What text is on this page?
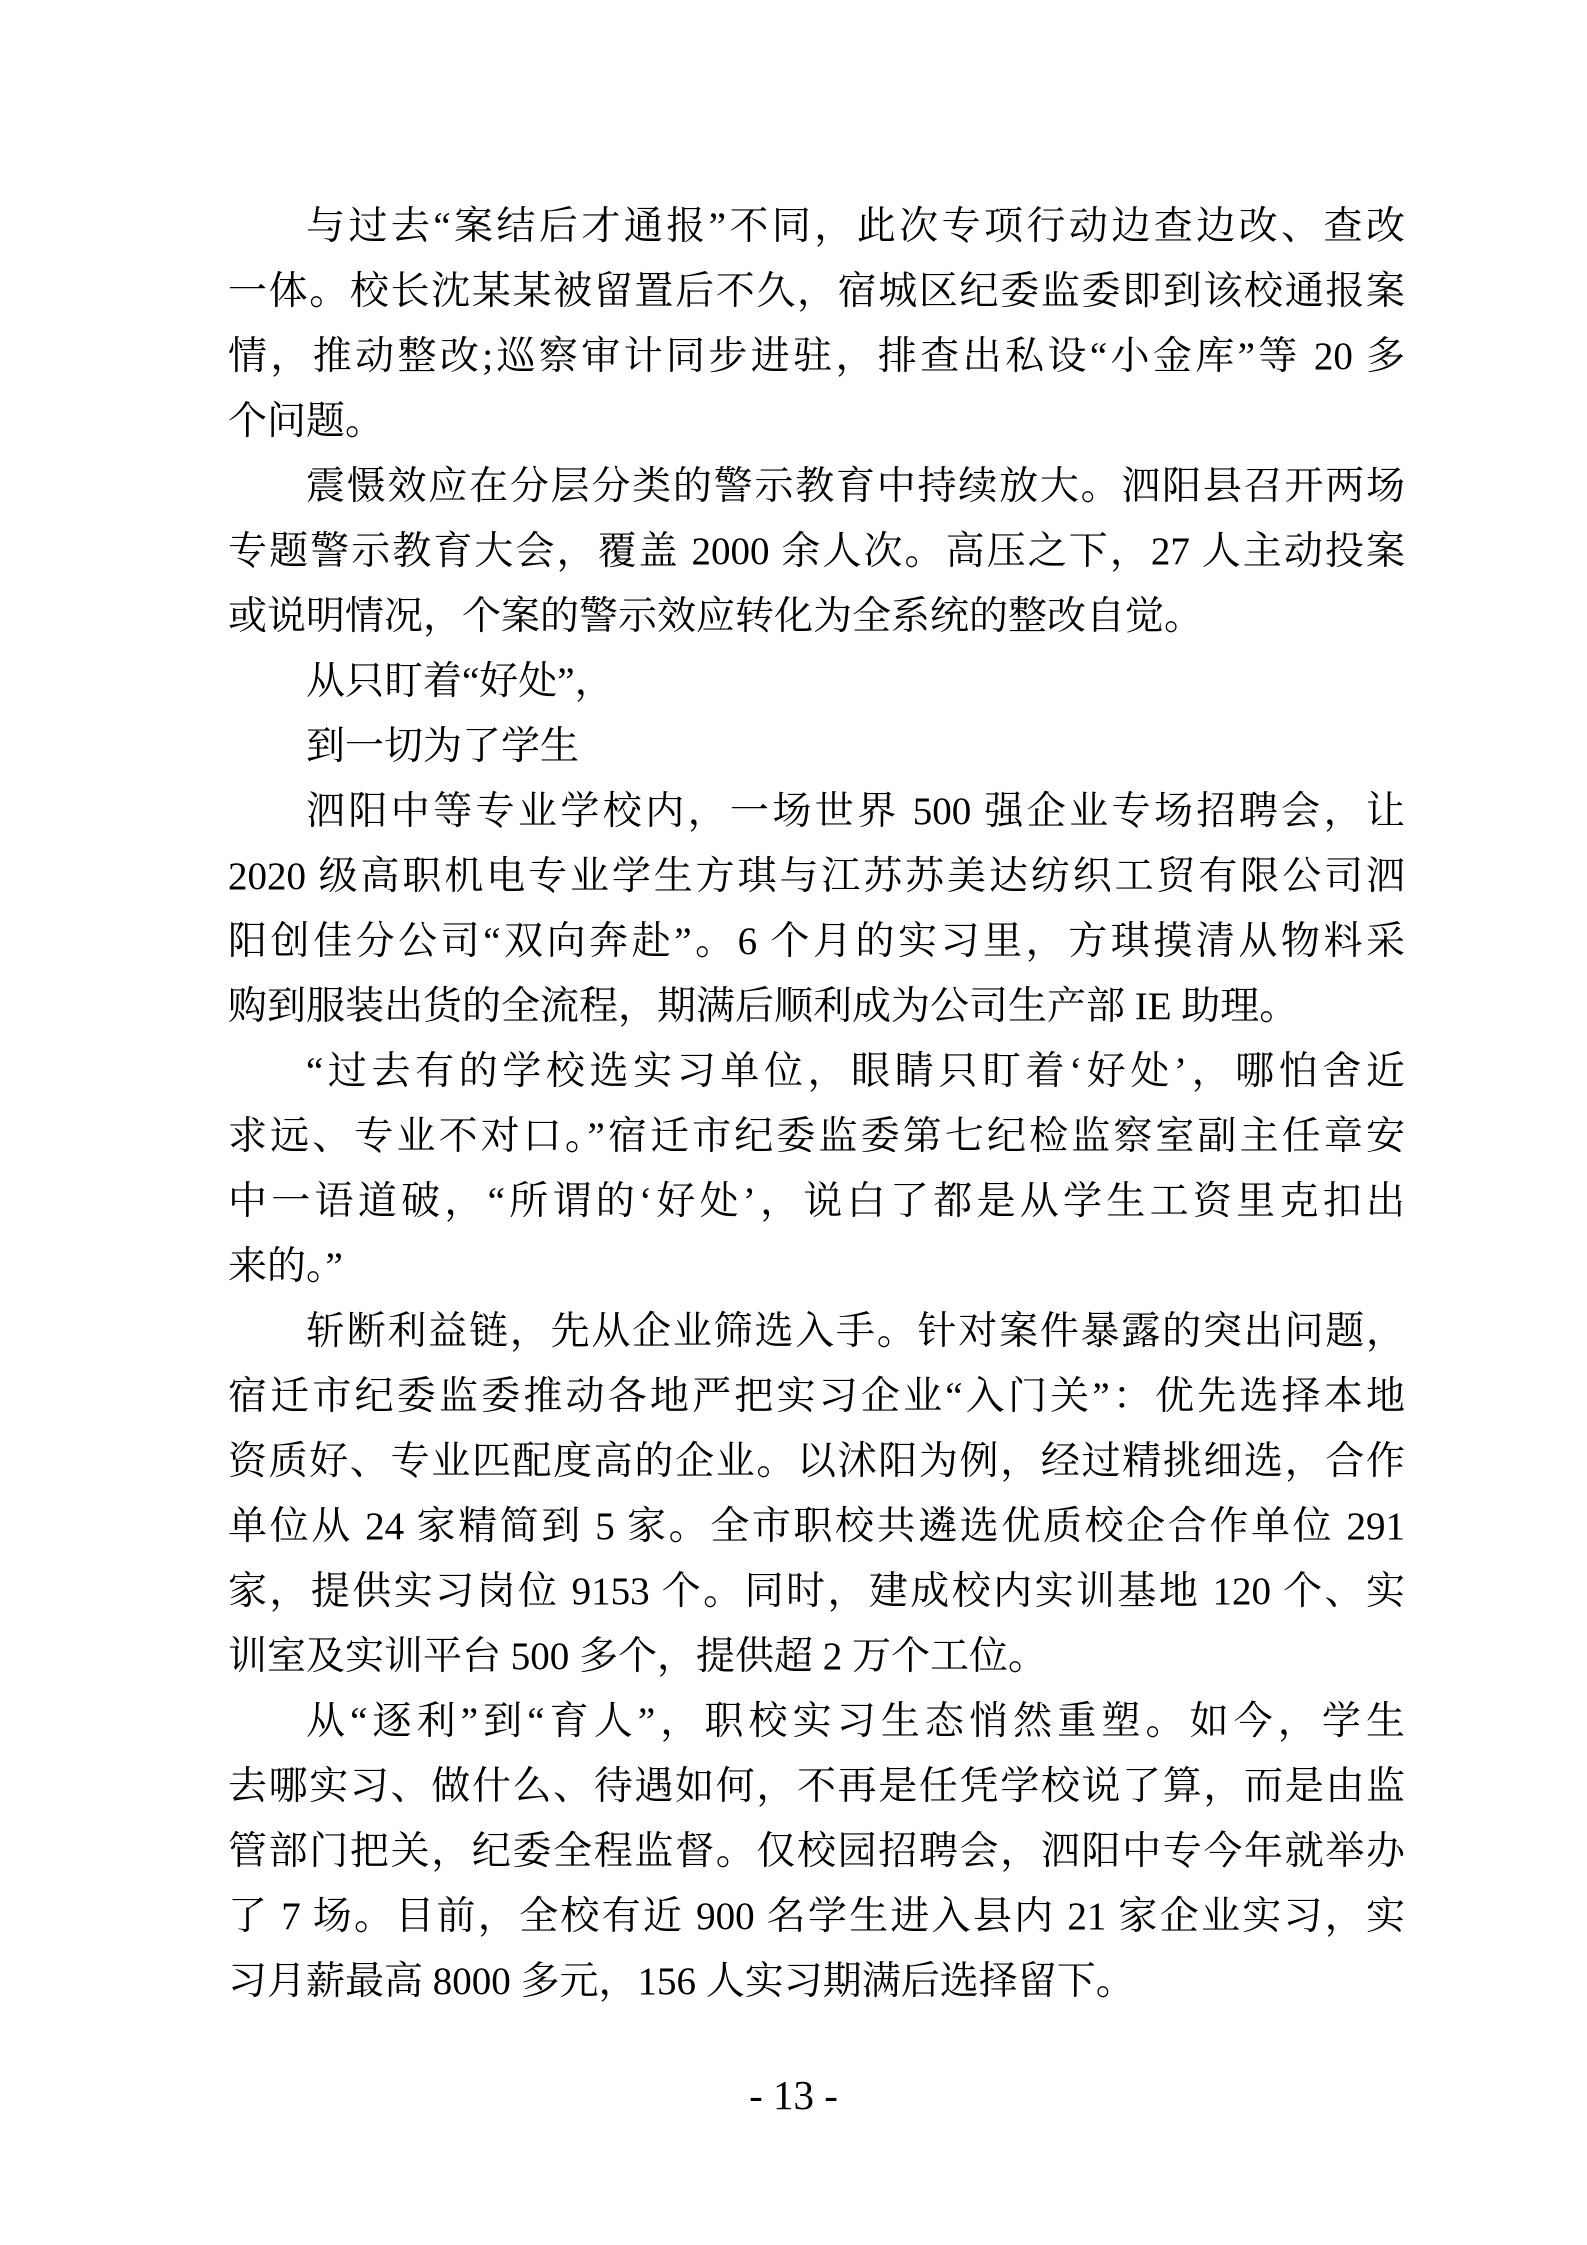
与过去“案结后才通报”不同，此次专项行动边查边改、查改
一体。校长沈某某被留置后不久，宿城区纪委监委即到该校通报案
情，推动整改;巡察审计同步进驻，排查出私设“小金库”等 20 多
个问题。
震慑效应在分层分类的警示教育中持续放大。泗阳县召开两场
专题警示教育大会，覆盖 2000 余人次。高压之下，27 人主动投案
或说明情况，个案的警示效应转化为全系统的整改自觉。
从只盯着“好处”，
到一切为了学生
泗阳中等专业学校内，一场世界 500 强企业专场招聘会，让
2020 级高职机电专业学生方琪与江苏苏美达纺织工贸有限公司泗
阳创佳分公司“双向奔赴”。6 个月的实习里，方琪摸清从物料采
购到服装出货的全流程，期满后顺利成为公司生产部 IE 助理。
“过去有的学校选实习单位，眼睛只盯着‘好处’，哪怕舍近
求远、专业不对口。”宿迁市纪委监委第七纪检监察室副主任章安
中一语道破，“所谓的‘好处’，说白了都是从学生工资里克扣出
来的。”
斩断利益链，先从企业筛选入手。针对案件暴露的突出问题，
宿迁市纪委监委推动各地严把实习企业“入门关”：优先选择本地
资质好、专业匹配度高的企业。以沭阳为例，经过精挑细选，合作
单位从 24 家精简到 5 家。全市职校共遴选优质校企合作单位 291
家，提供实习岗位 9153 个。同时，建成校内实训基地 120 个、实
训室及实训平台 500 多个，提供超 2 万个工位。
从“逐利”到“育人”，职校实习生态悄然重塑。如今，学生
去哪实习、做什么、待遇如何，不再是任凭学校说了算，而是由监
管部门把关，纪委全程监督。仅校园招聘会，泗阳中专今年就举办
了 7 场。目前，全校有近 900 名学生进入县内 21 家企业实习，实
习月薪最高 8000 多元，156 人实习期满后选择留下。
- 13 -
